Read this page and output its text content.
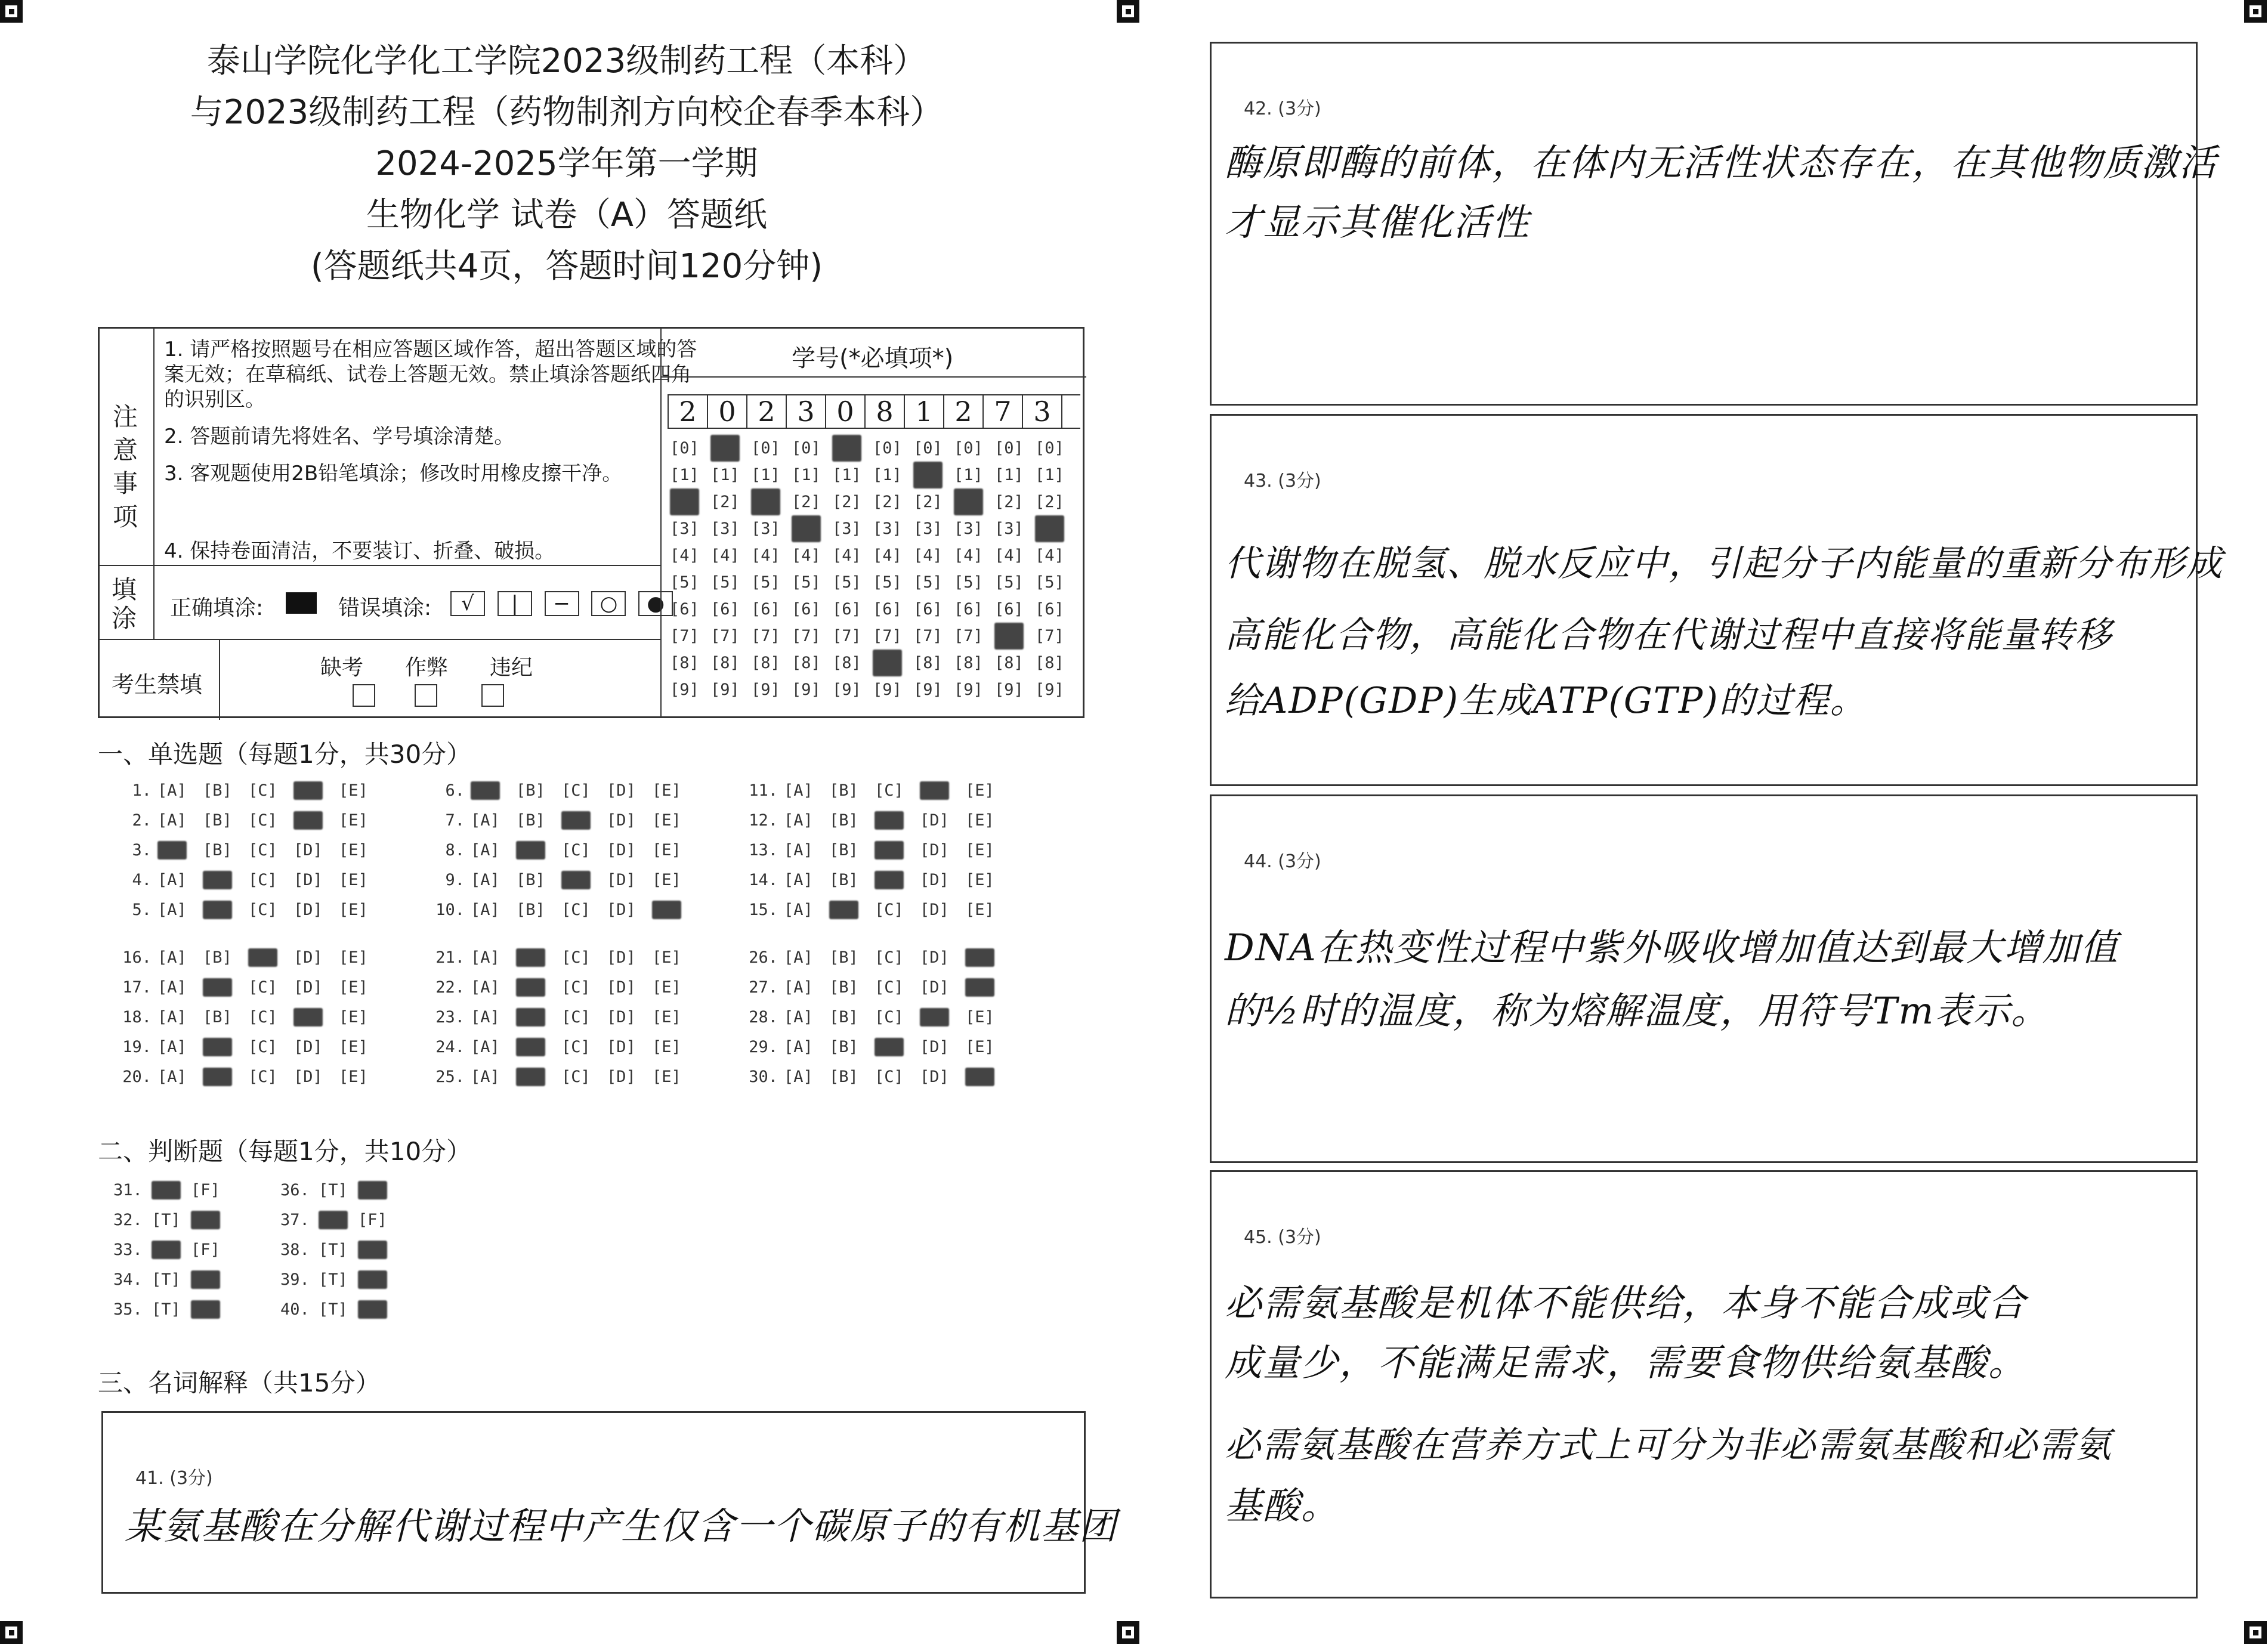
泰山学院化学化工学院2023级制药工程（本科）
与2023级制药工程（药物制剂方向校企春季本科）
2024-2025学年第一学期
生物化学 试卷（A）答题纸
(答题纸共4页，答题时间120分钟)
注意事项
1. 请严格按照题号在相应答题区域作答，超出答题区域的答案无效；在草稿纸、试卷上答题无效。禁止填涂答题纸四角的识别区。
2. 答题前请先将姓名、学号填涂清楚。
3. 客观题使用2B铅笔填涂；修改时用橡皮擦干净。
4. 保持卷面清洁，不要装订、折叠、破损。
填涂 正确填涂:	错误填涂:	√ | − ○ ●
考生禁填
缺考 作弊 违纪
学号(*必填项*)
2 0 2 3 0 8 1 2 7 3
[0] [0] [0] [0] [0] [0] [0] [0] [0] [0]
[1] [1] [1] [1] [1] [1] [1] [1] [1] [1]
[2] [2] [2] [2] [2] [2] [2] [2] [2] [2]
[3] [3] [3] [3] [3] [3] [3] [3] [3] [3]
[4] [4] [4] [4] [4] [4] [4] [4] [4] [4]
[5] [5] [5] [5] [5] [5] [5] [5] [5] [5]
[6] [6] [6] [6] [6] [6] [6] [6] [6] [6]
[7] [7] [7] [7] [7] [7] [7] [7] [7] [7]
[8] [8] [8] [8] [8] [8] [8] [8] [8] [8]
[9] [9] [9] [9] [9] [9] [9] [9] [9] [9]
一、单选题（每题1分，共30分）
1. [A] [B] [C] [D] [E]
2. [A] [B] [C] [D] [E]
3. [A] [B] [C] [D] [E]
4. [A] [B] [C] [D] [E]
5. [A] [B] [C] [D] [E]
6. [A] [B] [C] [D] [E]
7. [A] [B] [C] [D] [E]
8. [A] [B] [C] [D] [E]
9. [A] [B] [C] [D] [E]
10. [A] [B] [C] [D] [E]
11. [A] [B] [C] [D] [E]
12. [A] [B] [C] [D] [E]
13. [A] [B] [C] [D] [E]
14. [A] [B] [C] [D] [E]
15. [A] [B] [C] [D] [E]
16. [A] [B] [C] [D] [E]
17. [A] [B] [C] [D] [E]
18. [A] [B] [C] [D] [E]
19. [A] [B] [C] [D] [E]
20. [A] [B] [C] [D] [E]
21. [A] [B] [C] [D] [E]
22. [A] [B] [C] [D] [E]
23. [A] [B] [C] [D] [E]
24. [A] [B] [C] [D] [E]
25. [A] [B] [C] [D] [E]
26. [A] [B] [C] [D] [E]
27. [A] [B] [C] [D] [E]
28. [A] [B] [C] [D] [E]
29. [A] [B] [C] [D] [E]
30. [A] [B] [C] [D] [E]
二、判断题（每题1分，共10分）
31. [T] [F]
32. [T] [F]
33. [T] [F]
34. [T] [F]
35. [T] [F]
36. [T] [F]
37. [T] [F]
38. [T] [F]
39. [T] [F]
40. [T] [F]
三、名词解释（共15分）
41. (3分)
某氨基酸在分解代谢过程中产生仅含一个碳原子的有机基团
42. (3分)
酶原即酶的前体，在体内无活性状态存在，在其他物质激活
才显示其催化活性
43. (3分)
代谢物在脱氢、脱水反应中，引起分子内能量的重新分布形成
高能化合物，高能化合物在代谢过程中直接将能量转移
给ADP(GDP)生成ATP(GTP)的过程。
44. (3分)
DNA在热变性过程中紫外吸收增加值达到最大增加值
的½时的温度，称为熔解温度，用符号Tm表示。
45. (3分)
必需氨基酸是机体不能供给，本身不能合成或合
成量少，不能满足需求，需要食物供给氨基酸。
必需氨基酸在营养方式上可分为非必需氨基酸和必需氨
基酸。
